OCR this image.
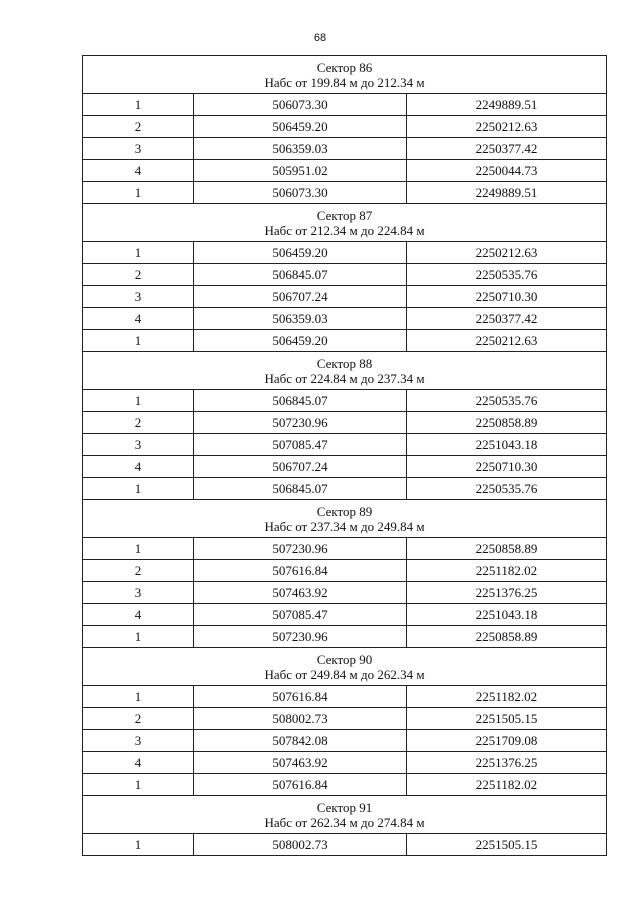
68
Сектор 86
Набс от 199.84 м до 212.34 м		

1	506073.30	2249889.51
2	506459.20	2250212.63
3	506359.03	2250377.42
4	505951.02	2250044.73
1	506073.30	2249889.51

Сектор 87
Набс от 212.34 м до 224.84 м		

1	506459.20	2250212.63
2	506845.07	2250535.76
3	506707.24	2250710.30
4	506359.03	2250377.42
1	506459.20	2250212.63

Сектор 88
Набс от 224.84 м до 237.34 м		

1	506845.07	2250535.76
2	507230.96	2250858.89
3	507085.47	2251043.18
4	506707.24	2250710.30
1	506845.07	2250535.76

Сектор 89
Набс от 237.34 м до 249.84 м		

1	507230.96	2250858.89
2	507616.84	2251182.02
3	507463.92	2251376.25
4	507085.47	2251043.18
1	507230.96	2250858.89

Сектор 90
Набс от 249.84 м до 262.34 м		

1	507616.84	2251182.02
2	508002.73	2251505.15
3	507842.08	2251709.08
4	507463.92	2251376.25
1	507616.84	2251182.02

Сектор 91
Набс от 262.34 м до 274.84 м		

1	508002.73	2251505.15
